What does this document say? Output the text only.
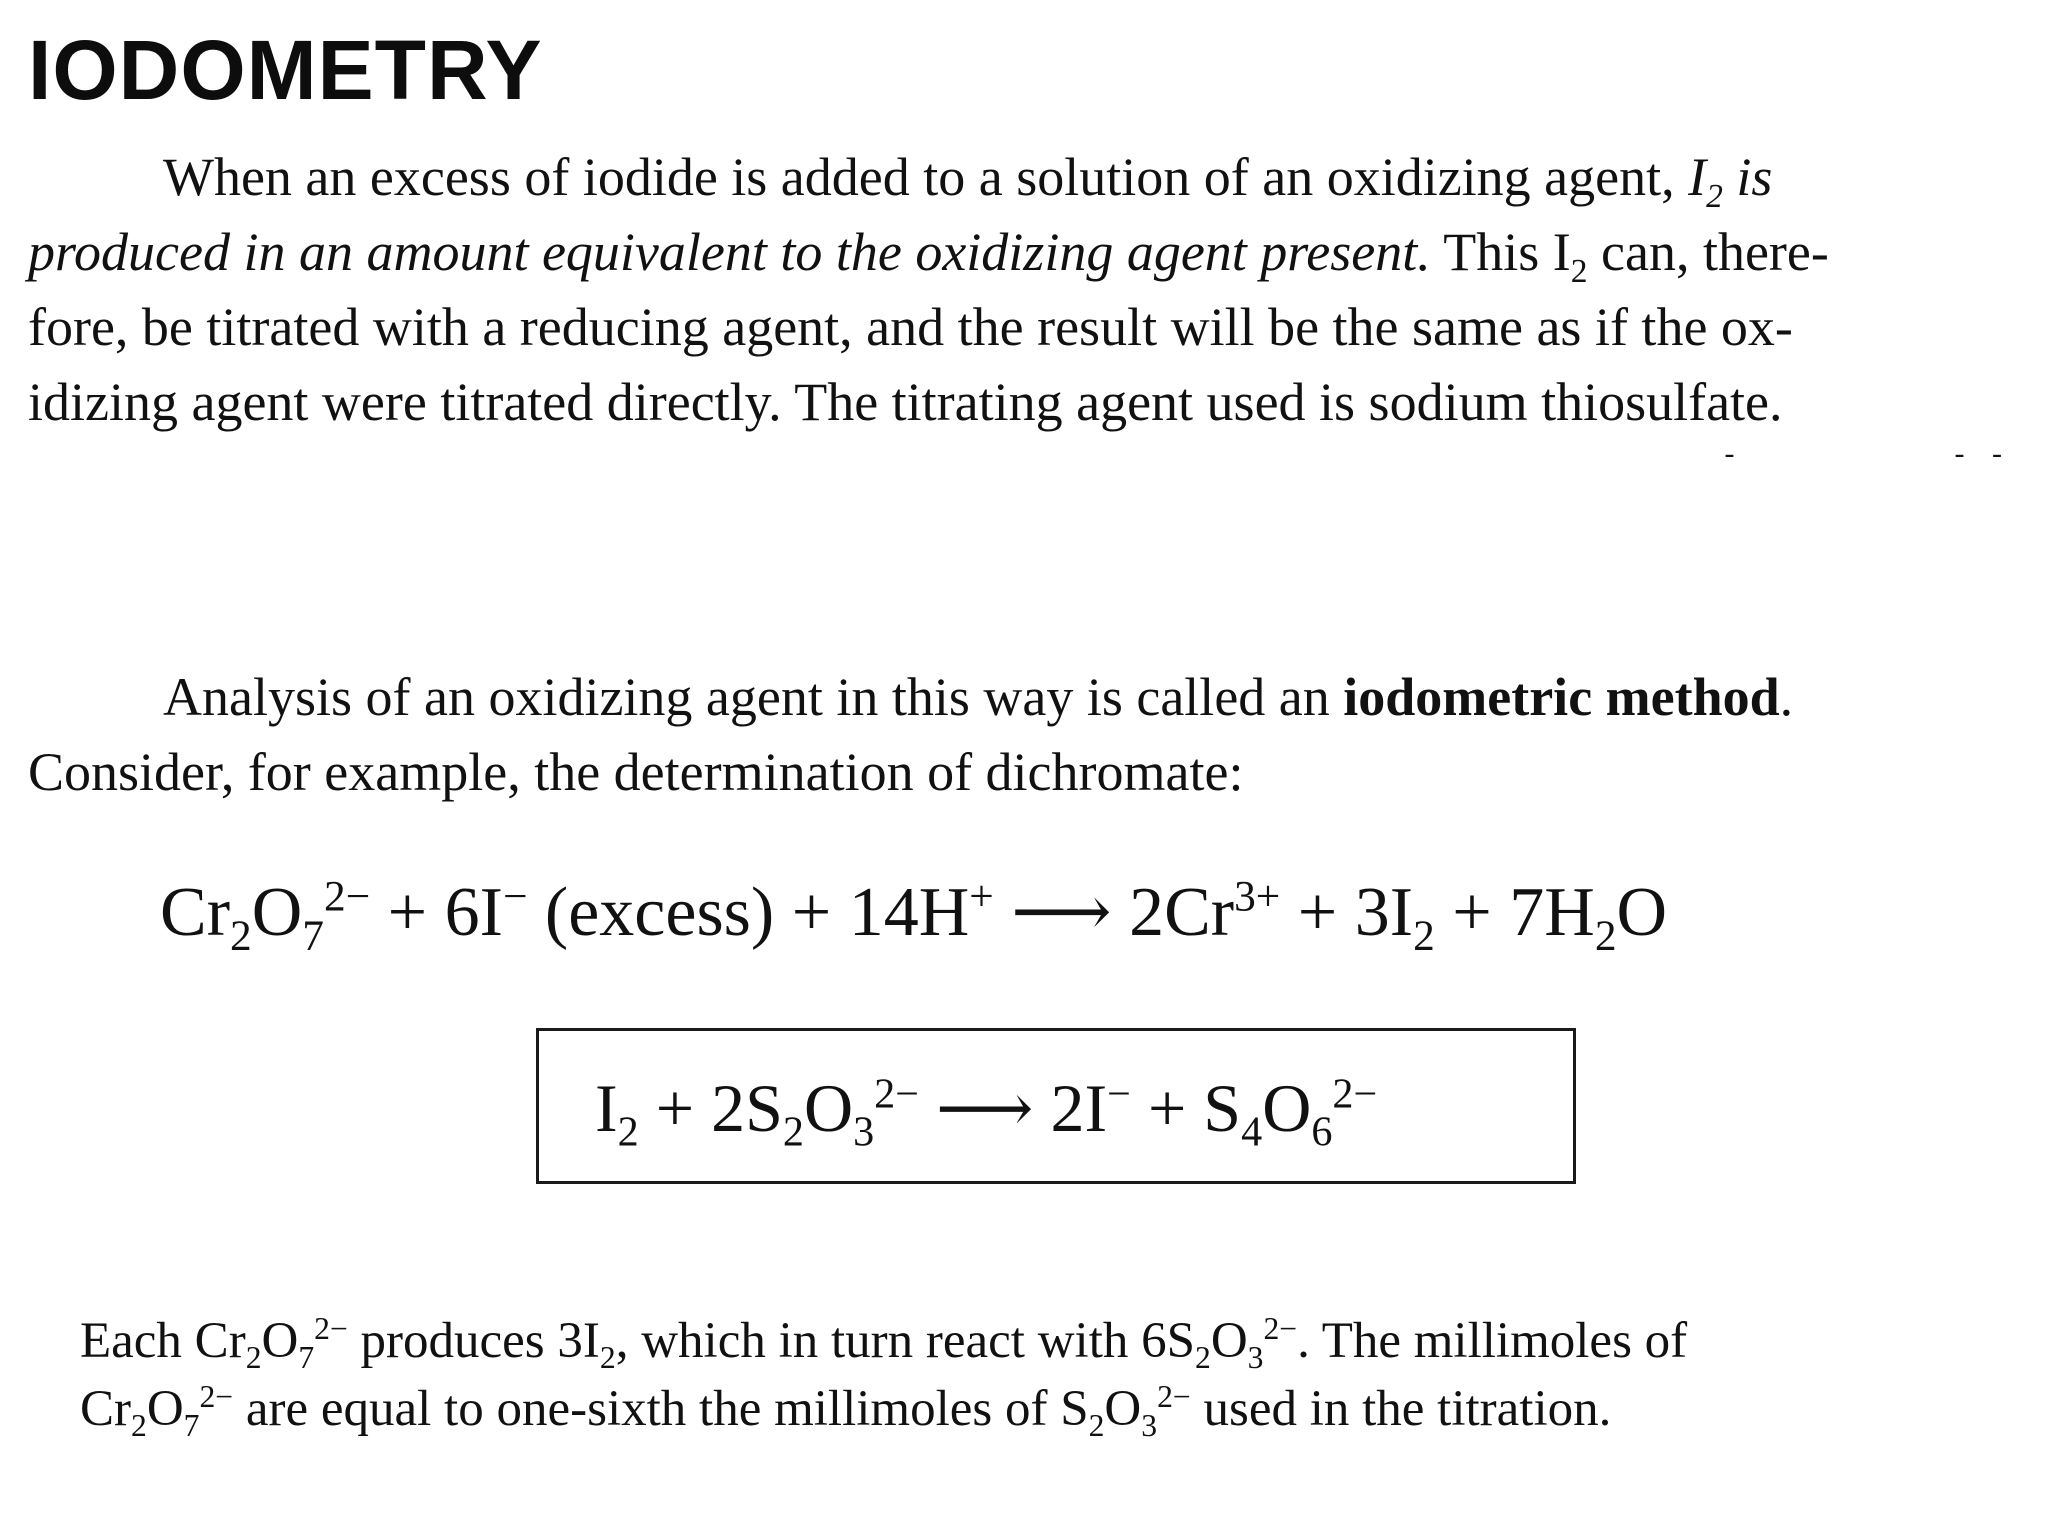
IODOMETRY

When an excess of iodide is added to a solution of an oxidizing agent, $I_2$ is
produced in an amount equivalent to the oxidizing agent present. This $I_2$ can, there-
fore, be titrated with a reducing agent, and the result will be the same as if the ox-
idizing agent were titrated directly. The titrating agent used is sodium thiosulfate.
-            - -

Analysis of an oxidizing agent in this way is called an iodometric method.
Consider, for example, the determination of dichromate:

$Cr_2O_7^{2-} + 6I^-$ (excess) + 14H+ ⟶ $2Cr^{3+} + 3I_2 + 7H_2O$

$I_2 + 2S_2O_3^{2-}$ ⟶ $2I^- + S_4O_6^{2-}$

Each $Cr_2O_7^{2-}$ produces $3I_2$, which in turn react with $6S_2O_3^{2-}$. The millimoles of
$Cr_2O_7^{2-}$ are equal to one-sixth the millimoles of $S_2O_3^{2-}$ used in the titration.
